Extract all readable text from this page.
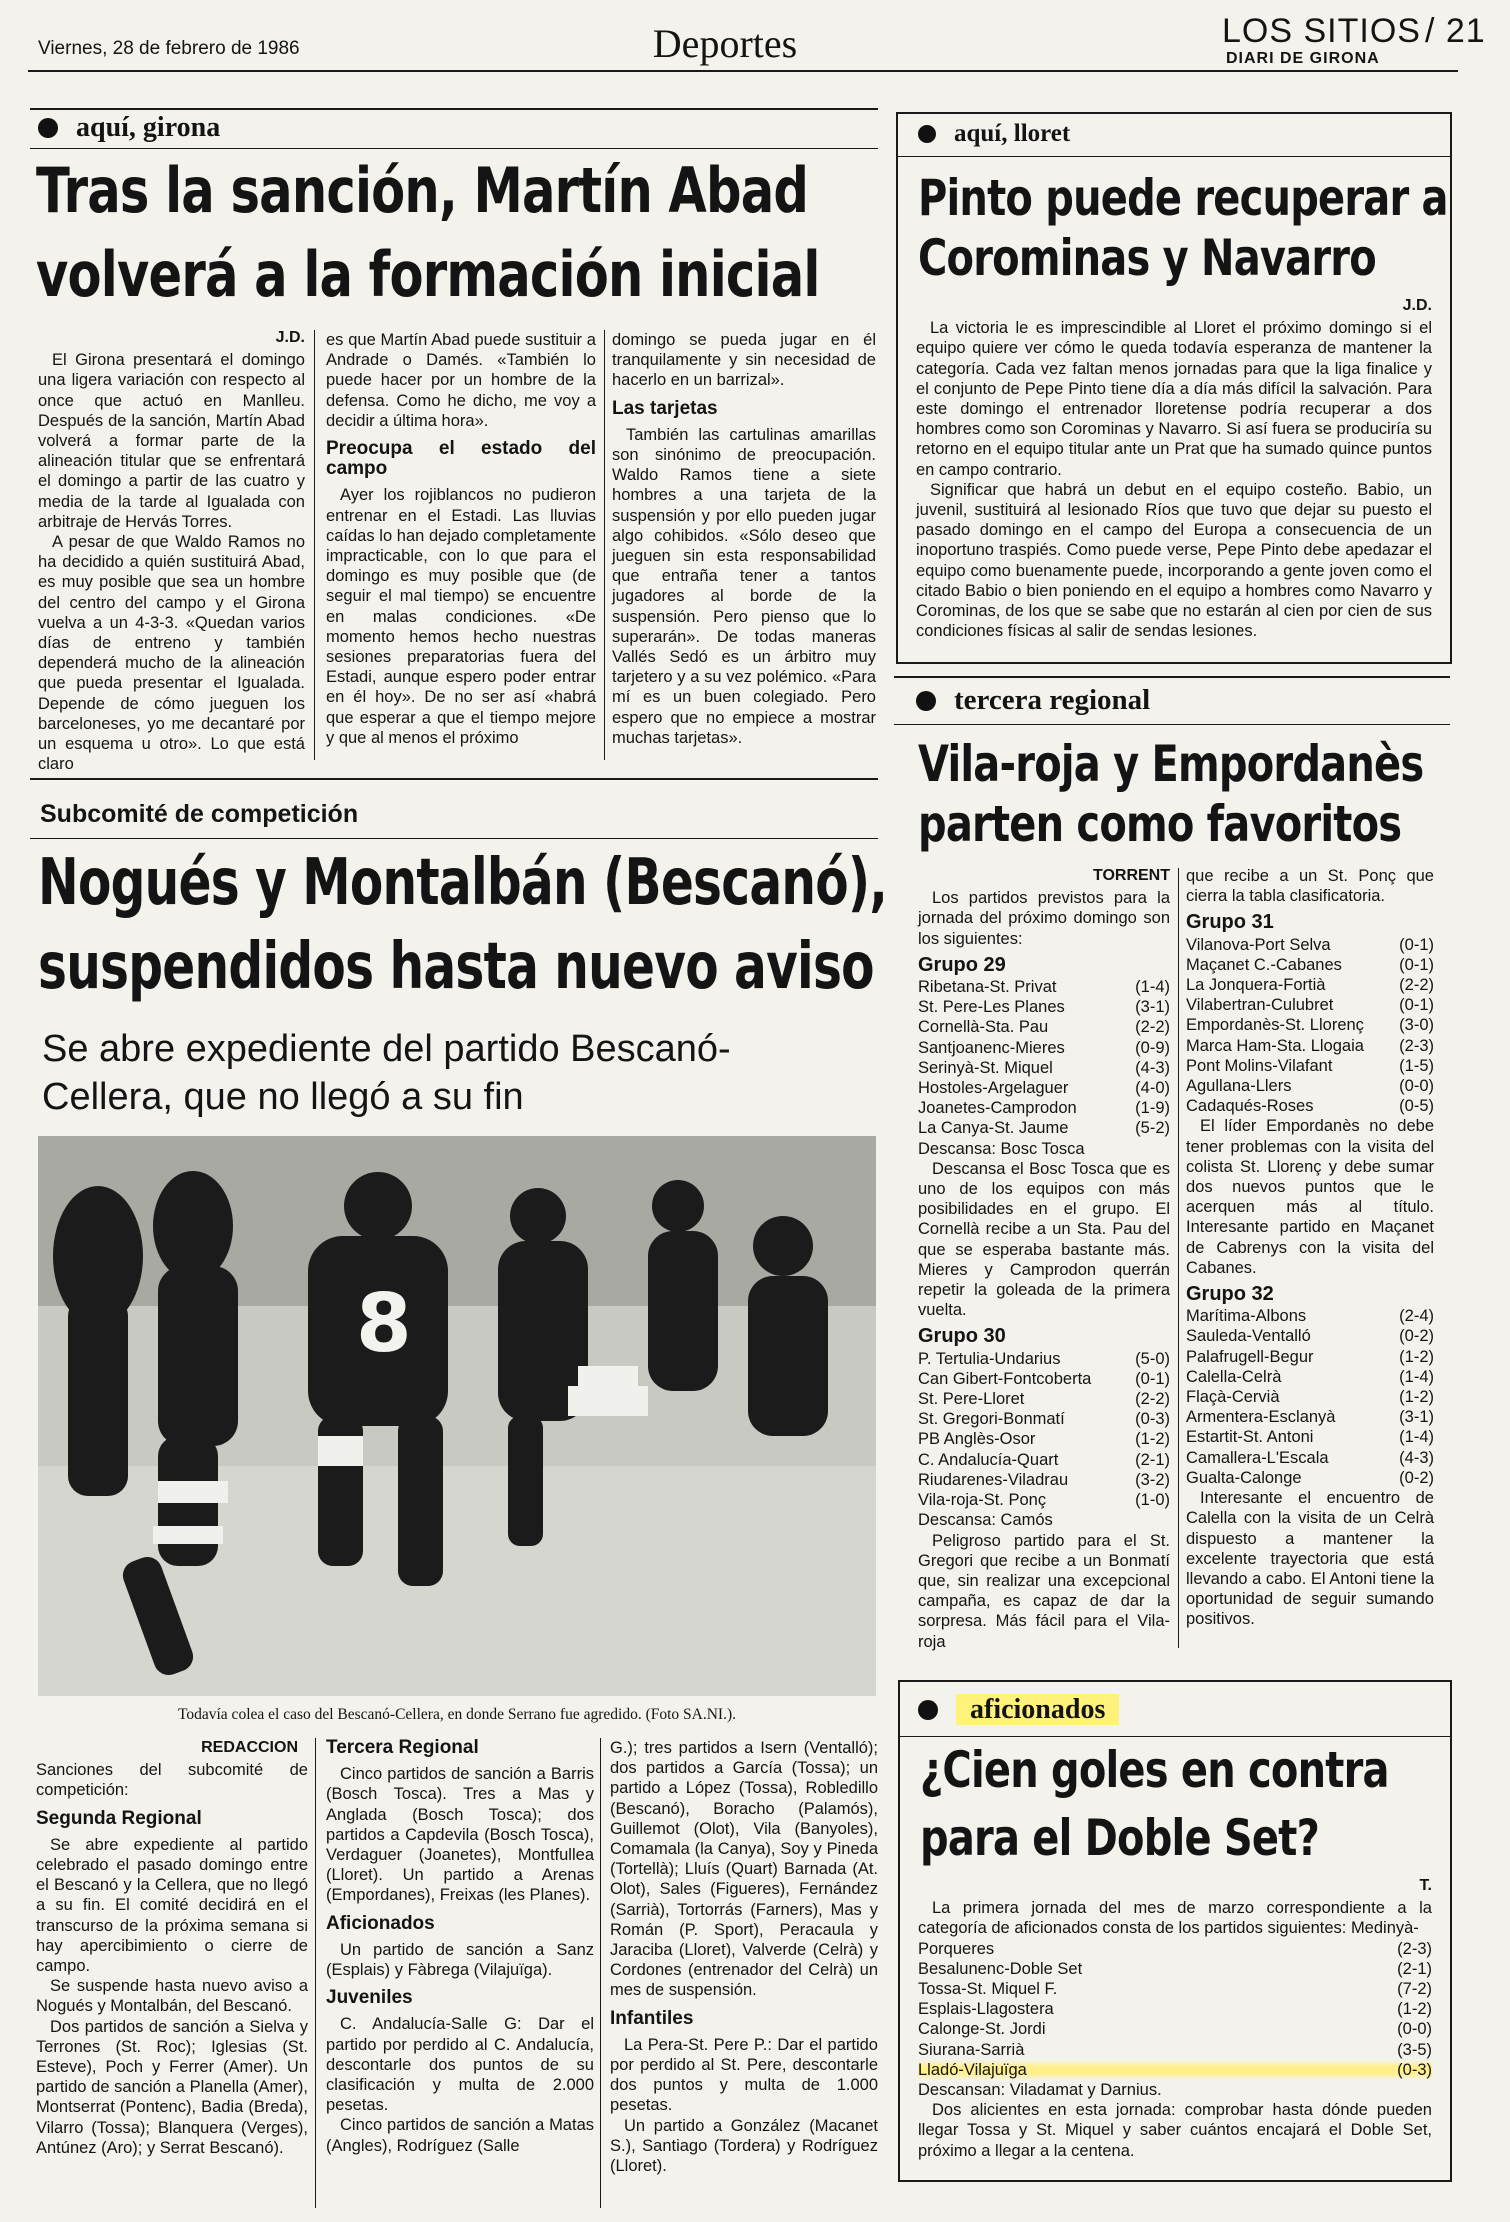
Viernes, 28 de febrero de 1986	Deportes	LOS SITIOS / 21
DIARI DE GIRONA
aquí, girona
Tras la sanción, Martín Abad
volverá a la formación inicial
J.D.

El Girona presentará el domingo una ligera variación con respecto al once que actuó en Manlleu. Después de la sanción, Martín Abad volverá a formar parte de la alineación titular que se enfrentará el domingo a partir de las cuatro y media de la tarde al Igualada con arbitraje de Hervás Torres.

A pesar de que Waldo Ramos no ha decidido a quién sustituirá Abad, es muy posible que sea un hombre del centro del campo y el Girona vuelva a un 4-3-3. «Quedan varios días de entreno y también dependerá mucho de la alineación que pueda presentar el Igualada. Depende de cómo jueguen los barceloneses, yo me decantaré por un esquema u otro». Lo que está claro

es que Martín Abad puede sustituir a Andrade o Damés. «También lo puede hacer por un hombre de la defensa. Como he dicho, me voy a decidir a última hora».

Preocupa el estado del campo

Ayer los rojiblancos no pudieron entrenar en el Estadi. Las lluvias caídas lo han dejado completamente impracticable, con lo que para el domingo es muy posible que (de seguir el mal tiempo) se encuentre en malas condiciones. «De momento hemos hecho nuestras sesiones preparatorias fuera del Estadi, aunque espero poder entrar en él hoy». De no ser así «habrá que esperar a que el tiempo mejore y que al menos el próximo

domingo se pueda jugar en él tranquilamente y sin necesidad de hacerlo en un barrizal».

Las tarjetas

También las cartulinas amarillas son sinónimo de preocupación. Waldo Ramos tiene a siete hombres a una tarjeta de la suspensión y por ello pueden jugar algo cohibidos. «Sólo deseo que jueguen sin esta responsabilidad que entraña tener a tantos jugadores al borde de la suspensión. Pero pienso que lo superarán». De todas maneras Vallés Sedó es un árbitro muy tarjetero y a su vez polémico. «Para mí es un buen colegiado. Pero espero que no empiece a mostrar muchas tarjetas».

aquí, lloret
Pinto puede recuperar a
Corominas y Navarro
J.D.

La victoria le es imprescindible al Lloret el próximo domingo si el equipo quiere ver cómo le queda todavía esperanza de mantener la categoría. Cada vez faltan menos jornadas para que la liga finalice y el conjunto de Pepe Pinto tiene día a día más difícil la salvación. Para este domingo el entrenador lloretense podría recuperar a dos hombres como son Corominas y Navarro. Si así fuera se produciría su retorno en el equipo titular ante un Prat que ha sumado quince puntos en campo contrario.

Significar que habrá un debut en el equipo costeño. Babio, un juvenil, sustituirá al lesionado Ríos que tuvo que dejar su puesto el pasado domingo en el campo del Europa a consecuencia de un inoportuno traspiés. Como puede verse, Pepe Pinto debe apedazar el equipo como buenamente puede, incorporando a gente joven como el citado Babio o bien poniendo en el equipo a hombres como Navarro y Corominas, de los que se sabe que no estarán al cien por cien de sus condiciones físicas al salir de sendas lesiones.

Subcomité de competición
Nogués y Montalbán (Bescanó),
suspendidos hasta nuevo aviso
Se abre expediente del partido Bescanó-
Cellera, que no llegó a su fin
8
Todavía colea el caso del Bescanó-Cellera, en donde Serrano fue agredido. (Foto SA.NI.).
REDACCION

Sanciones del subcomité de competición:

Segunda Regional

Se abre expediente al partido celebrado el pasado domingo entre el Bescanó y la Cellera, que no llegó a su fin. El comité decidirá en el transcurso de la próxima semana si hay apercibimiento o cierre de campo.

Se suspende hasta nuevo aviso a Nogués y Montalbán, del Bescanó.

Dos partidos de sanción a Sielva y Terrones (St. Roc); Iglesias (St. Esteve), Poch y Ferrer (Amer). Un partido de sanción a Planella (Amer), Montserrat (Pontenc), Badia (Breda), Vilarro (Tossa); Blanquera (Verges), Antúnez (Aro); y Serrat Bescanó).

Tercera Regional

Cinco partidos de sanción a Barris (Bosch Tosca). Tres a Mas y Anglada (Bosch Tosca); dos partidos a Capdevila (Bosch Tosca), Verdaguer (Joanetes), Montfullea (Lloret). Un partido a Arenas (Empordanes), Freixas (les Planes).

Aficionados

Un partido de sanción a Sanz (Esplais) y Fàbrega (Vilajuïga).

Juveniles

C. Andalucía-Salle G: Dar el partido por perdido al C. Andalucía, descontarle dos puntos de su clasificación y multa de 2.000 pesetas.

Cinco partidos de sanción a Matas (Angles), Rodríguez (Salle

G.); tres partidos a Isern (Ventalló); dos partidos a García (Tossa); un partido a López (Tossa), Robledillo (Bescanó), Boracho (Palamós), Guillemot (Olot), Vila (Banyoles), Comamala (la Canya), Soy y Pineda (Tortellà); Lluís (Quart) Barnada (At. Olot), Sales (Figueres), Fernández (Sarrià), Tortorrás (Farners), Mas y Román (P. Sport), Peracaula y Jaraciba (Lloret), Valverde (Celrà) y Cordones (entrenador del Celrà) un mes de suspensión.

Infantiles

La Pera-St. Pere P.: Dar el partido por perdido al St. Pere, descontarle dos puntos y multa de 1.000 pesetas.

Un partido a González (Macanet S.), Santiago (Tordera) y Rodríguez (Lloret).

tercera regional
Vila-roja y Empordanès
parten como favoritos
TORRENT

Los partidos previstos para la jornada del próximo domingo son los siguientes:

Grupo 29
Ribetana-St. Privat	(1-4)
St. Pere-Les Planes	(3-1)
Cornellà-Sta. Pau	(2-2)
Santjoanenc-Mieres	(0-9)
Serinyà-St. Miquel	(4-3)
Hostoles-Argelaguer	(4-0)
Joanetes-Camprodon	(1-9)
La Canya-St. Jaume	(5-2)

Descansa: Bosc Tosca

Descansa el Bosc Tosca que es uno de los equipos con más posibilidades en el grupo. El Cornellà recibe a un Sta. Pau del que se esperaba bastante más. Mieres y Camprodon querrán repetir la goleada de la primera vuelta.

Grupo 30
P. Tertulia-Undarius	(5-0)
Can Gibert-Fontcoberta	(0-1)
St. Pere-Lloret	(2-2)
St. Gregori-Bonmatí	(0-3)
PB Anglès-Osor	(1-2)
C. Andalucía-Quart	(2-1)
Riudarenes-Viladrau	(3-2)
Vila-roja-St. Ponç	(1-0)

Descansa: Camós

Peligroso partido para el St. Gregori que recibe a un Bonmatí que, sin realizar una excepcional campaña, es capaz de dar la sorpresa. Más fácil para el Vila-roja

que recibe a un St. Ponç que cierra la tabla clasificatoria.

Grupo 31
Vilanova-Port Selva	(0-1)
Maçanet C.-Cabanes	(0-1)
La Jonquera-Fortià	(2-2)
Vilabertran-Culubret	(0-1)
Empordanès-St. Llorenç (3-0)
Marca Ham-Sta. Llogaia (2-3)
Pont Molins-Vilafant	(1-5)
Agullana-Llers	(0-0)
Cadaqués-Roses	(0-5)

El líder Empordanès no debe tener problemas con la visita del colista St. Llorenç y debe sumar dos nuevos puntos que le acerquen más al título. Interesante partido en Maçanet de Cabrenys con la visita del Cabanes.

Grupo 32
Marítima-Albons	(2-4)
Sauleda-Ventalló	(0-2)
Palafrugell-Begur	(1-2)
Calella-Celrà	(1-4)
Flaçà-Cervià	(1-2)
Armentera-Esclanyà	(3-1)
Estartit-St. Antoni	(1-4)
Camallera-L'Escala	(4-3)
Gualta-Calonge	(0-2)

Interesante el encuentro de Calella con la visita de un Celrà dispuesto a mantener la excelente trayectoria que está llevando a cabo. El Antoni tiene la oportunidad de seguir sumando positivos.

aficionados
¿Cien goles en contra
para el Doble Set?
T.

La primera jornada del mes de marzo correspondiente a la categoría de aficionados consta de los partidos siguientes: Medinyà-

Porqueres	(2-3)
Besalunenc-Doble Set	(2-1)
Tossa-St. Miquel F.	(7-2)
Esplais-Llagostera	(1-2)
Calonge-St. Jordi	(0-0)
Siurana-Sarrià	(3-5)
Lladó-Vilajuïga	(0-3)

Descansan: Viladamat y Darnius.

Dos alicientes en esta jornada: comprobar hasta dónde pueden llegar Tossa y St. Miquel y saber cuántos encajará el Doble Set, próximo a llegar a la centena.
